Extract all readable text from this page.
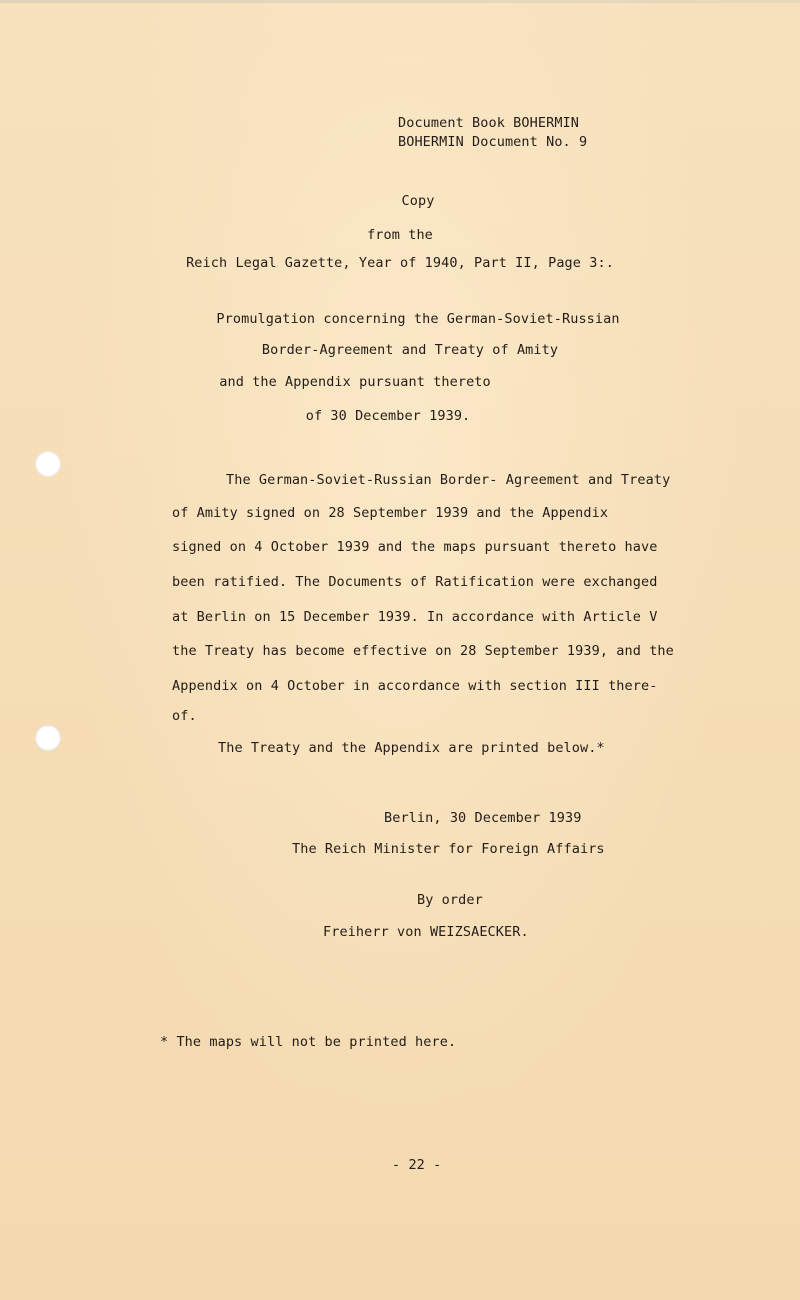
Document Book BOHERMIN
BOHERMIN Document No. 9
Copy
from the
Reich Legal Gazette, Year of 1940, Part II, Page 3:.
Promulgation concerning the German-Soviet-Russian
Border-Agreement and Treaty of Amity
and the Appendix pursuant thereto
of 30 December 1939.
The German-Soviet-Russian Border- Agreement and Treaty
of Amity signed on 28 September 1939 and the Appendix
signed on 4 October 1939 and the maps pursuant thereto have
been ratified. The Documents of Ratification were exchanged
at Berlin on 15 December 1939. In accordance with Article V
the Treaty has become effective on 28 September 1939, and the
Appendix on 4 October in accordance with section III there-
of.
The Treaty and the Appendix are printed below.*
Berlin, 30 December 1939
The Reich Minister for Foreign Affairs
By order
Freiherr von WEIZSAECKER.
* The maps will not be printed here.
- 22 -
